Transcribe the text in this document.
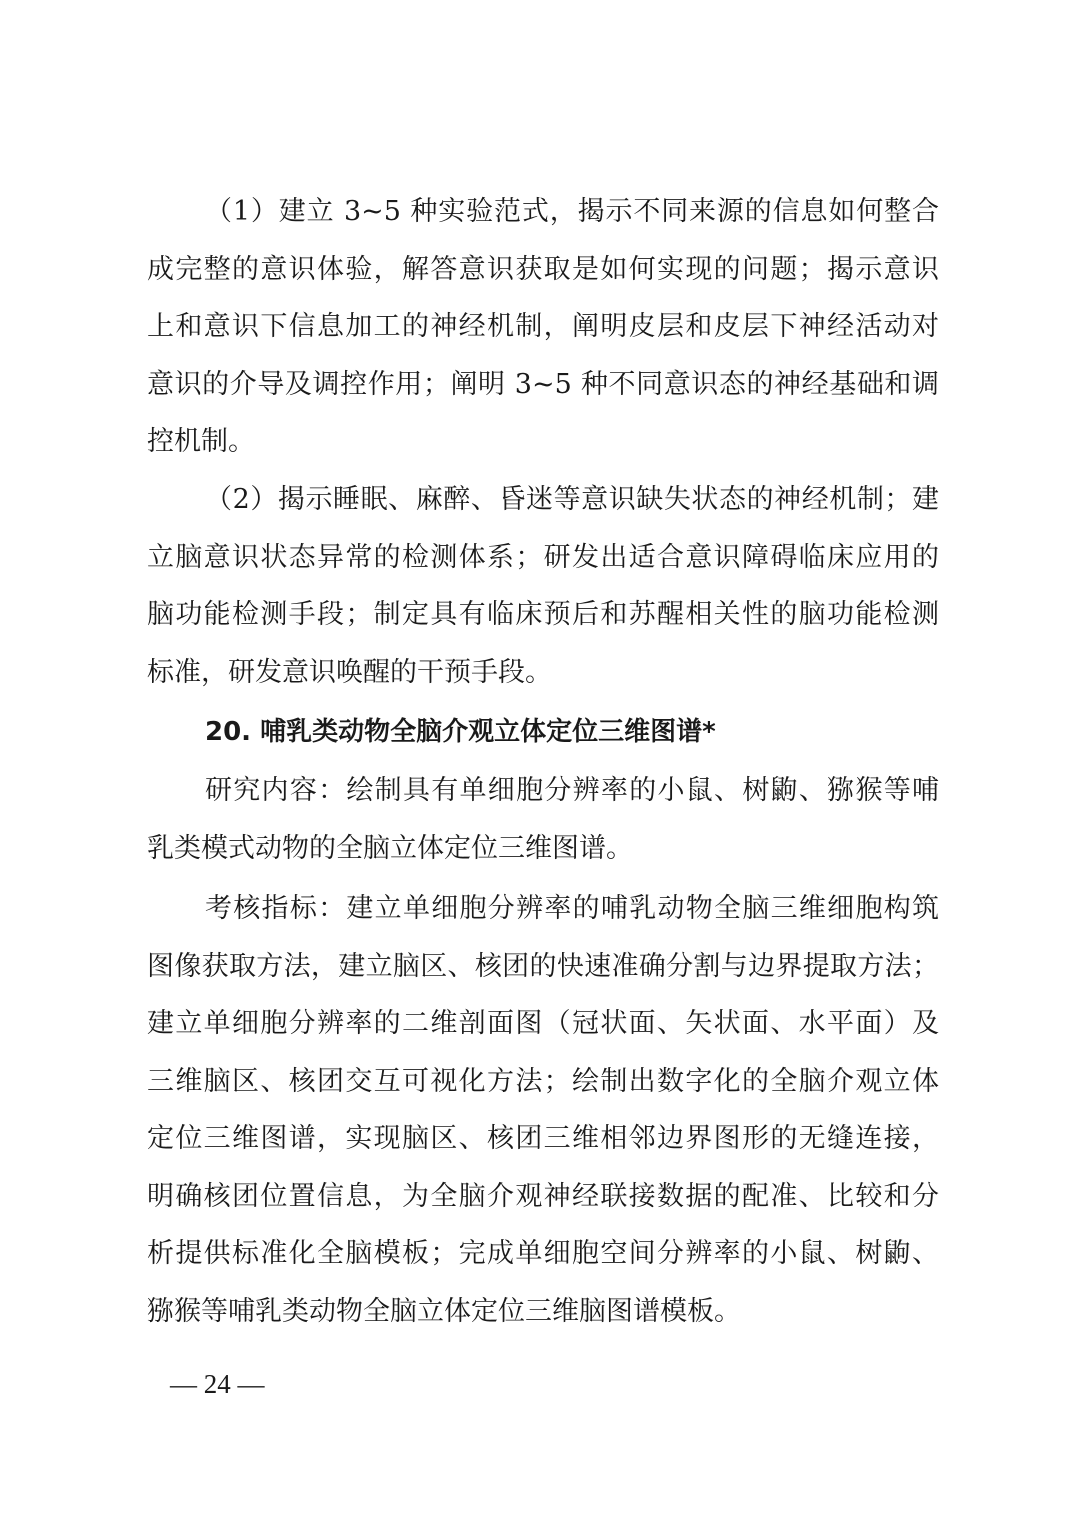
（1）建立 3~5 种实验范式，揭示不同来源的信息如何整合
成完整的意识体验，解答意识获取是如何实现的问题；揭示意识
上和意识下信息加工的神经机制，阐明皮层和皮层下神经活动对
意识的介导及调控作用；阐明 3~5 种不同意识态的神经基础和调
控机制。
（2）揭示睡眠、麻醉、昏迷等意识缺失状态的神经机制；建
立脑意识状态异常的检测体系；研发出适合意识障碍临床应用的
脑功能检测手段；制定具有临床预后和苏醒相关性的脑功能检测
标准，研发意识唤醒的干预手段。
20. 哺乳类动物全脑介观立体定位三维图谱*
研究内容：绘制具有单细胞分辨率的小鼠、树鼩、猕猴等哺
乳类模式动物的全脑立体定位三维图谱。
考核指标：建立单细胞分辨率的哺乳动物全脑三维细胞构筑
图像获取方法，建立脑区、核团的快速准确分割与边界提取方法；
建立单细胞分辨率的二维剖面图（冠状面、矢状面、水平面）及
三维脑区、核团交互可视化方法；绘制出数字化的全脑介观立体
定位三维图谱，实现脑区、核团三维相邻边界图形的无缝连接，
明确核团位置信息，为全脑介观神经联接数据的配准、比较和分
析提供标准化全脑模板；完成单细胞空间分辨率的小鼠、树鼩、
猕猴等哺乳类动物全脑立体定位三维脑图谱模板。
— 24 —
